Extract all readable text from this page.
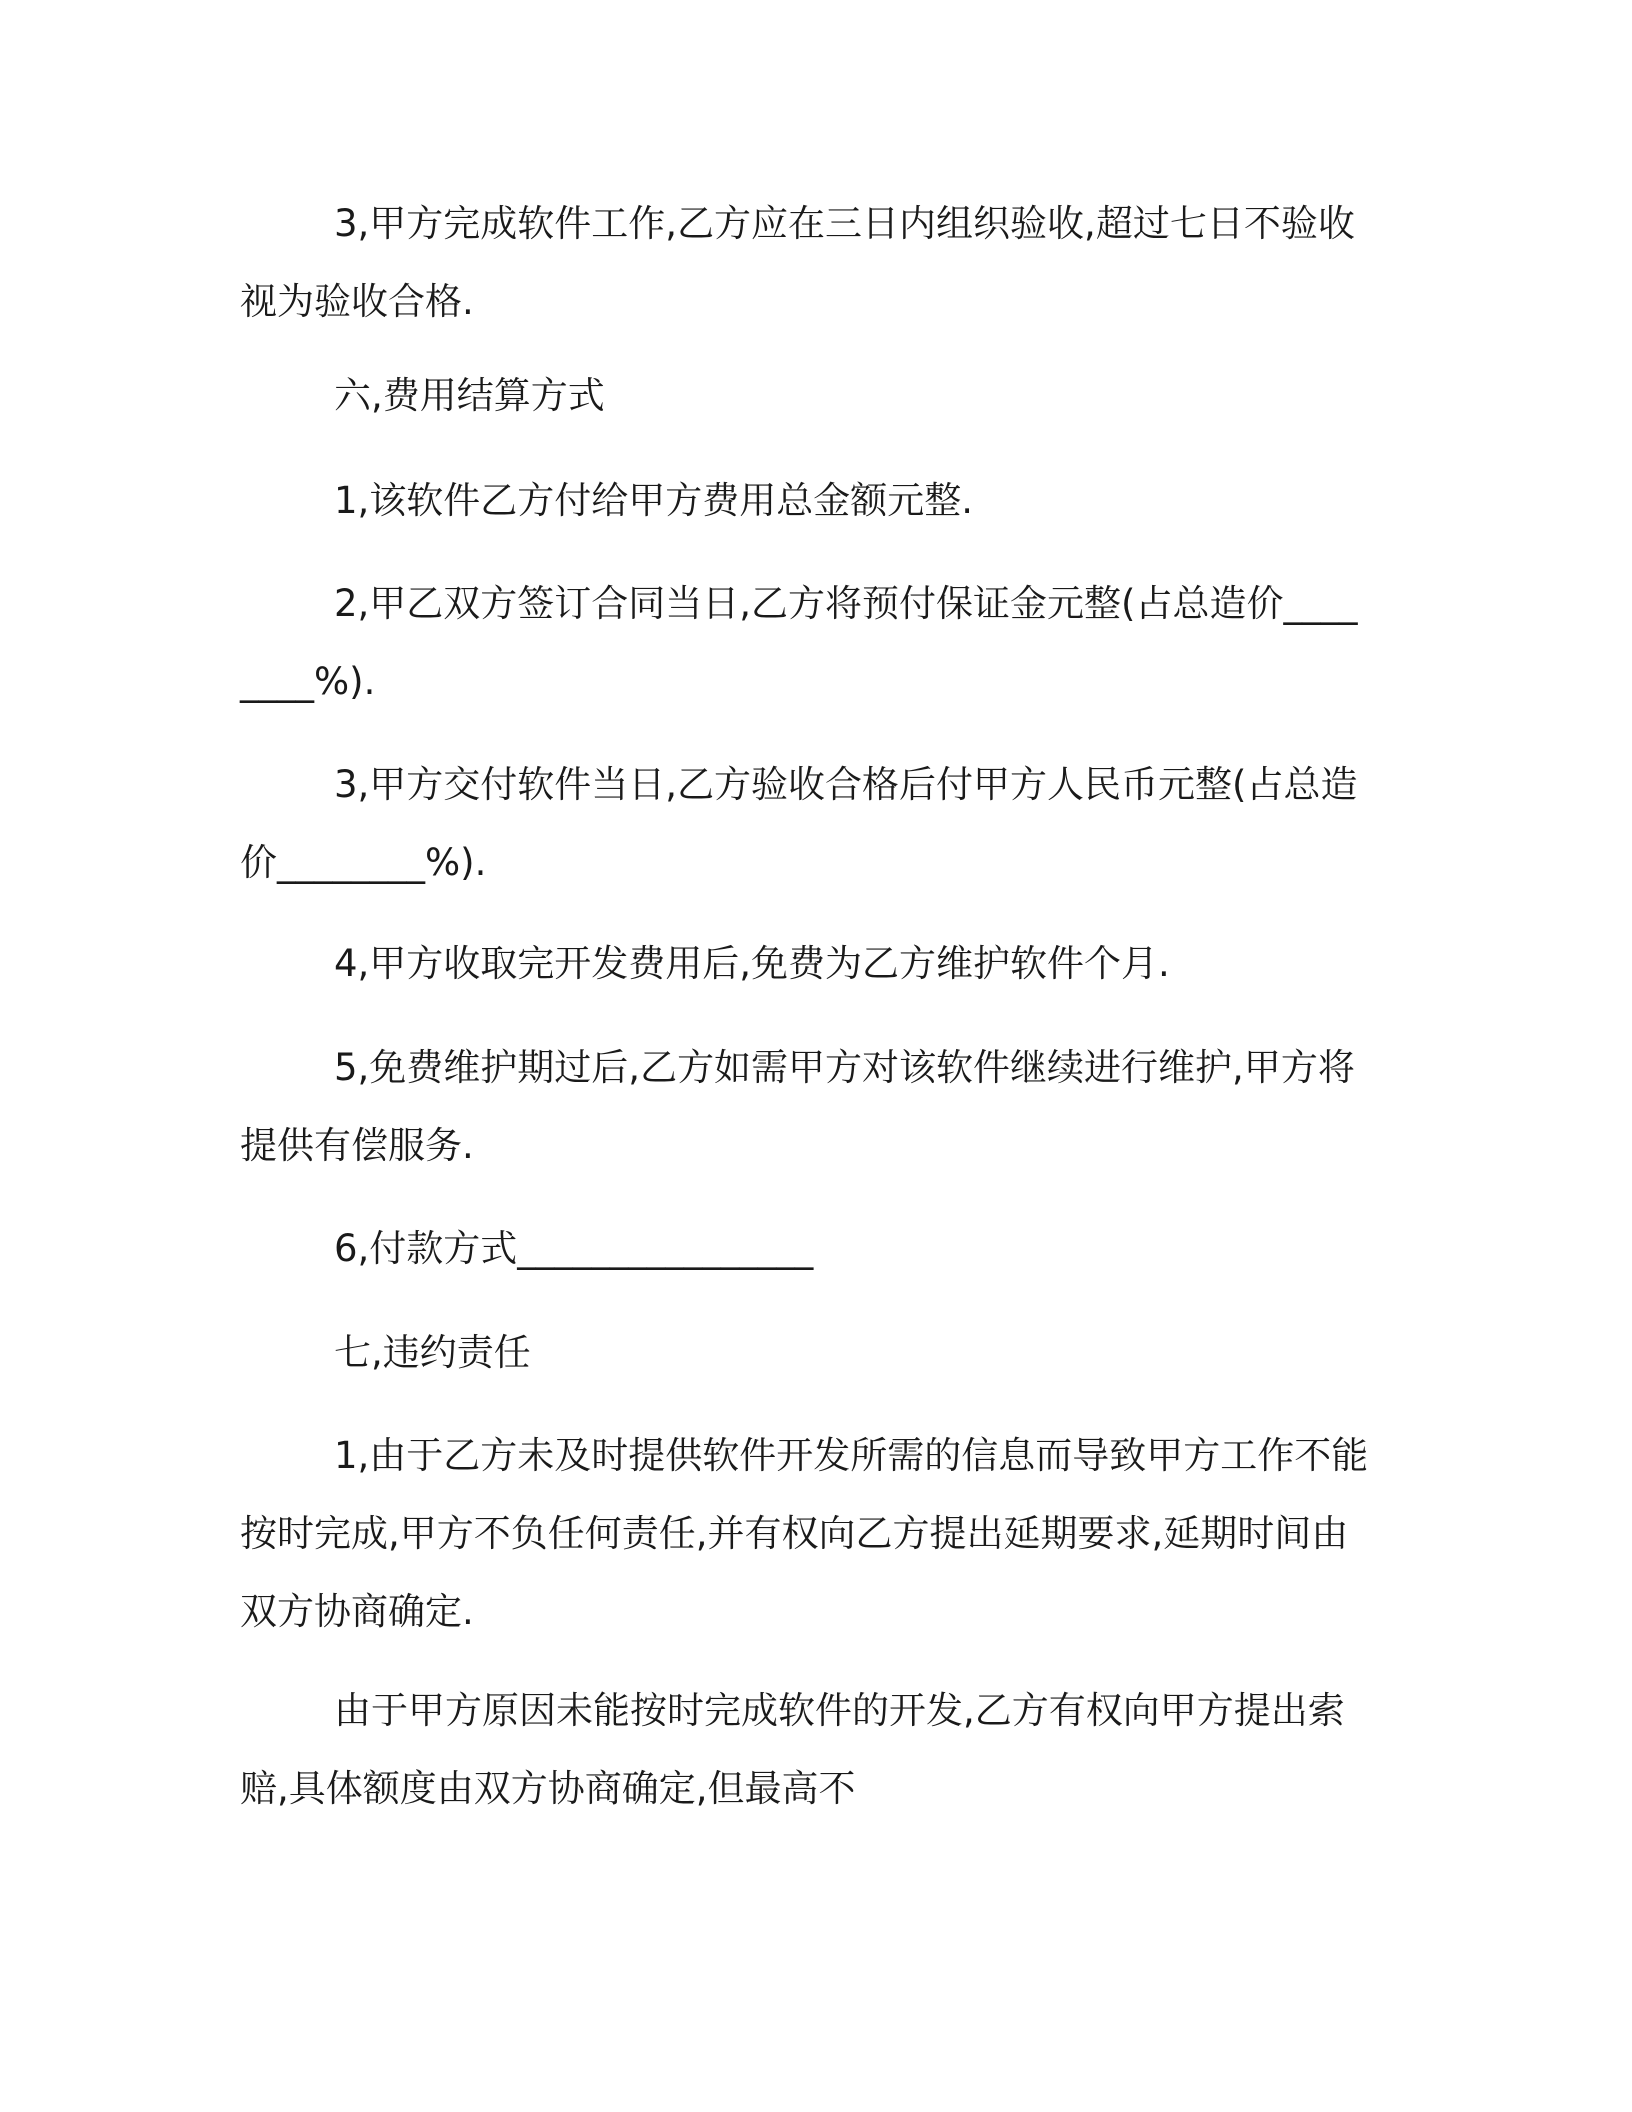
3,甲方完成软件工作,乙方应在三日内组织验收,超过七日不验收视为验收合格.

六,费用结算方式

1,该软件乙方付给甲方费用总金额元整.

2,甲乙双方签订合同当日,乙方将预付保证金元整(占总造价________%).

3,甲方交付软件当日,乙方验收合格后付甲方人民币元整(占总造价________%).

4,甲方收取完开发费用后,免费为乙方维护软件个月.

5,免费维护期过后,乙方如需甲方对该软件继续进行维护,甲方将提供有偿服务.

6,付款方式________________

七,违约责任

1,由于乙方未及时提供软件开发所需的信息而导致甲方工作不能按时完成,甲方不负任何责任,并有权向乙方提出延期要求,延期时间由双方协商确定.

由于甲方原因未能按时完成软件的开发,乙方有权向甲方提出索赔,具体额度由双方协商确定,但最高不
